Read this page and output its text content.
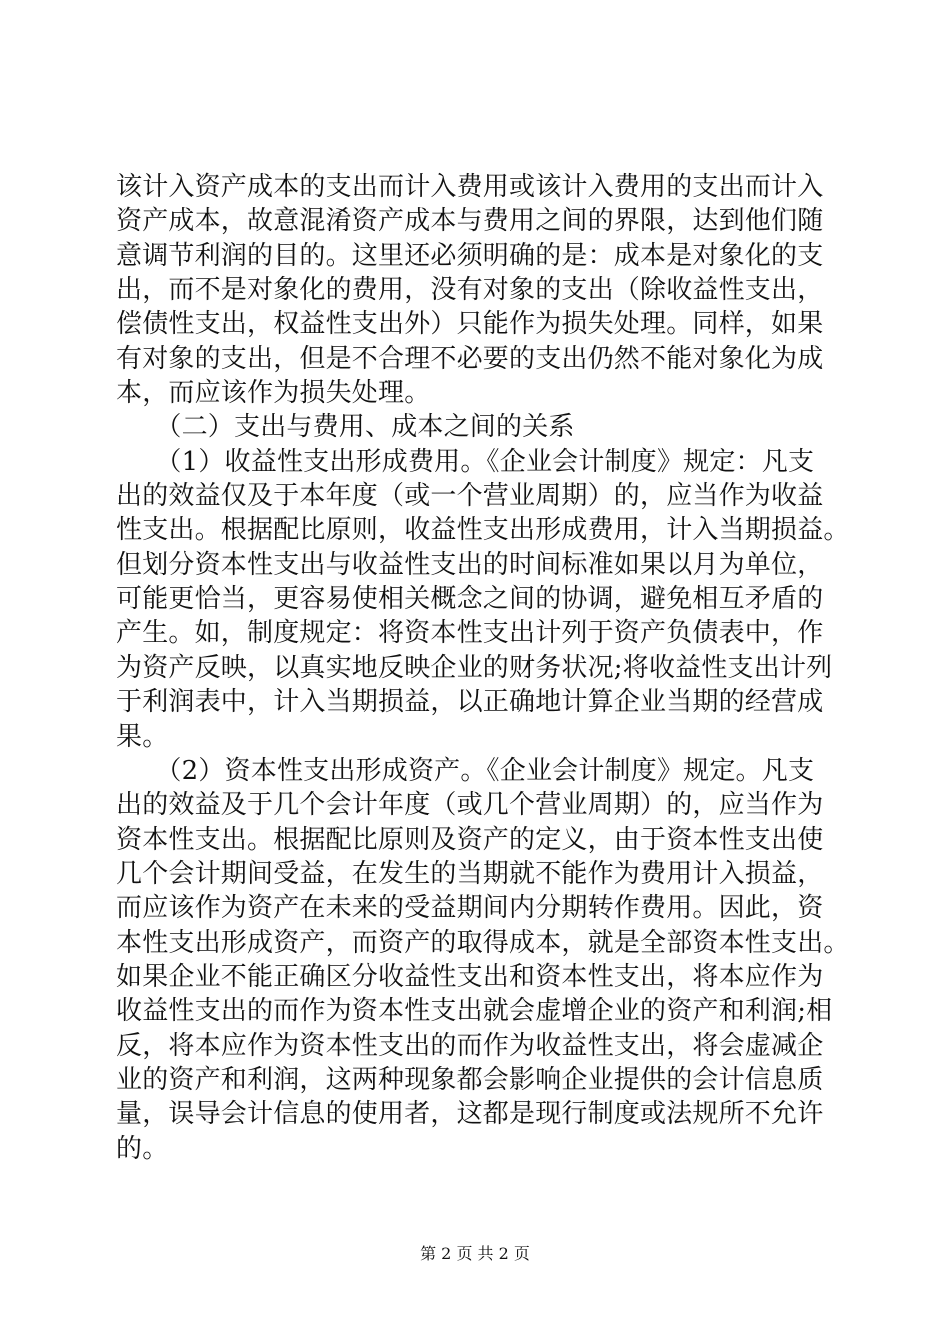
该计入资产成本的支出而计入费用或该计入费用的支出而计入
资产成本，故意混淆资产成本与费用之间的界限，达到他们随
意调节利润的目的。这里还必须明确的是：成本是对象化的支
出，而不是对象化的费用，没有对象的支出（除收益性支出，
偿债性支出，权益性支出外）只能作为损失处理。同样，如果
有对象的支出，但是不合理不必要的支出仍然不能对象化为成
本，而应该作为损失处理。
　　（二）支出与费用、成本之间的关系
　　（1）收益性支出形成费用。《企业会计制度》规定：凡支
出的效益仅及于本年度（或一个营业周期）的，应当作为收益
性支出。根据配比原则，收益性支出形成费用，计入当期损益。
但划分资本性支出与收益性支出的时间标准如果以月为单位，
可能更恰当，更容易使相关概念之间的协调，避免相互矛盾的
产生。如，制度规定：将资本性支出计列于资产负债表中，作
为资产反映，以真实地反映企业的财务状况;将收益性支出计列
于利润表中，计入当期损益，以正确地计算企业当期的经营成
果。
　　（2）资本性支出形成资产。《企业会计制度》规定。凡支
出的效益及于几个会计年度（或几个营业周期）的，应当作为
资本性支出。根据配比原则及资产的定义，由于资本性支出使
几个会计期间受益，在发生的当期就不能作为费用计入损益，
而应该作为资产在未来的受益期间内分期转作费用。因此，资
本性支出形成资产，而资产的取得成本，就是全部资本性支出。
如果企业不能正确区分收益性支出和资本性支出，将本应作为
收益性支出的而作为资本性支出就会虚增企业的资产和利润;相
反，将本应作为资本性支出的而作为收益性支出，将会虚减企
业的资产和利润，这两种现象都会影响企业提供的会计信息质
量，误导会计信息的使用者，这都是现行制度或法规所不允许
的。
第 2 页 共 2 页
